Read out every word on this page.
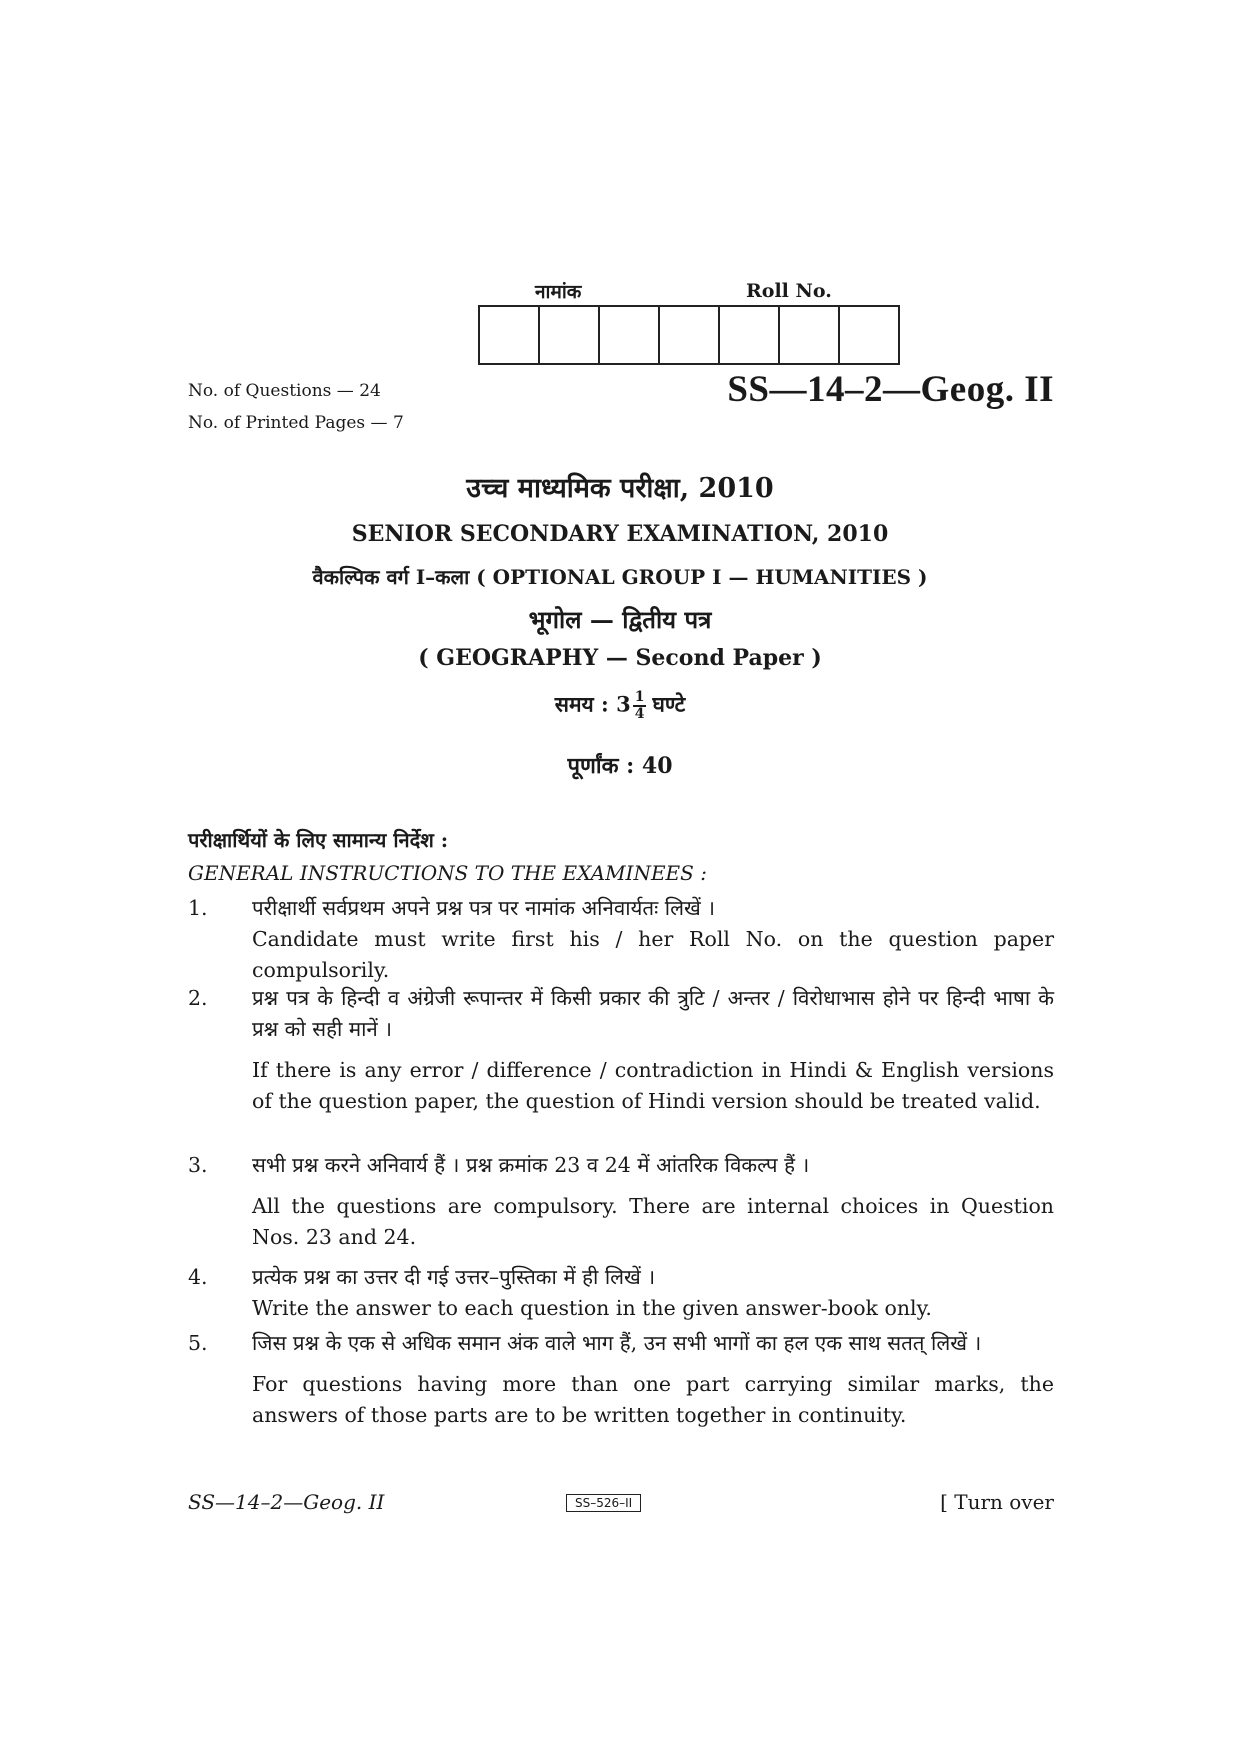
नामांक	Roll No.
No. of Questions — 24
No. of Printed Pages — 7
SS—14–2—Geog. II
उच्च माध्यमिक परीक्षा, 2010
SENIOR SECONDARY EXAMINATION, 2010
वैकल्पिक वर्ग I–कला ( OPTIONAL GROUP I — HUMANITIES )
भूगोल — द्वितीय पत्र
( GEOGRAPHY — Second Paper )
समय : $3 \frac{1}{4}$ घण्टे
पूर्णांक : 40
परीक्षार्थियों के लिए सामान्य निर्देश :
GENERAL INSTRUCTIONS TO THE EXAMINEES :
1. परीक्षार्थी सर्वप्रथम अपने प्रश्न पत्र पर नामांक अनिवार्यतः लिखें ।

Candidate must write first his / her Roll No. on the question paper compulsorily.

2. प्रश्न पत्र के हिन्दी व अंग्रेजी रूपान्तर में किसी प्रकार की त्रुटि / अन्तर / विरोधाभास होने पर हिन्दी भाषा के प्रश्न को सही मानें ।

If there is any error / difference / contradiction in Hindi & English versions of the question paper, the question of Hindi version should be treated valid.

3. सभी प्रश्न करने अनिवार्य हैं । प्रश्न क्रमांक 23 व 24 में आंतरिक विकल्प हैं ।

All the questions are compulsory. There are internal choices in Question Nos. 23 and 24.

4. प्रत्येक प्रश्न का उत्तर दी गई उत्तर–पुस्तिका में ही लिखें ।

Write the answer to each question in the given answer-book only.

5. जिस प्रश्न के एक से अधिक समान अंक वाले भाग हैं, उन सभी भागों का हल एक साथ सतत् लिखें ।

For questions having more than one part carrying similar marks, the answers of those parts are to be written together in continuity.

SS—14–2—Geog. II	SS–526–II	[ Turn over
